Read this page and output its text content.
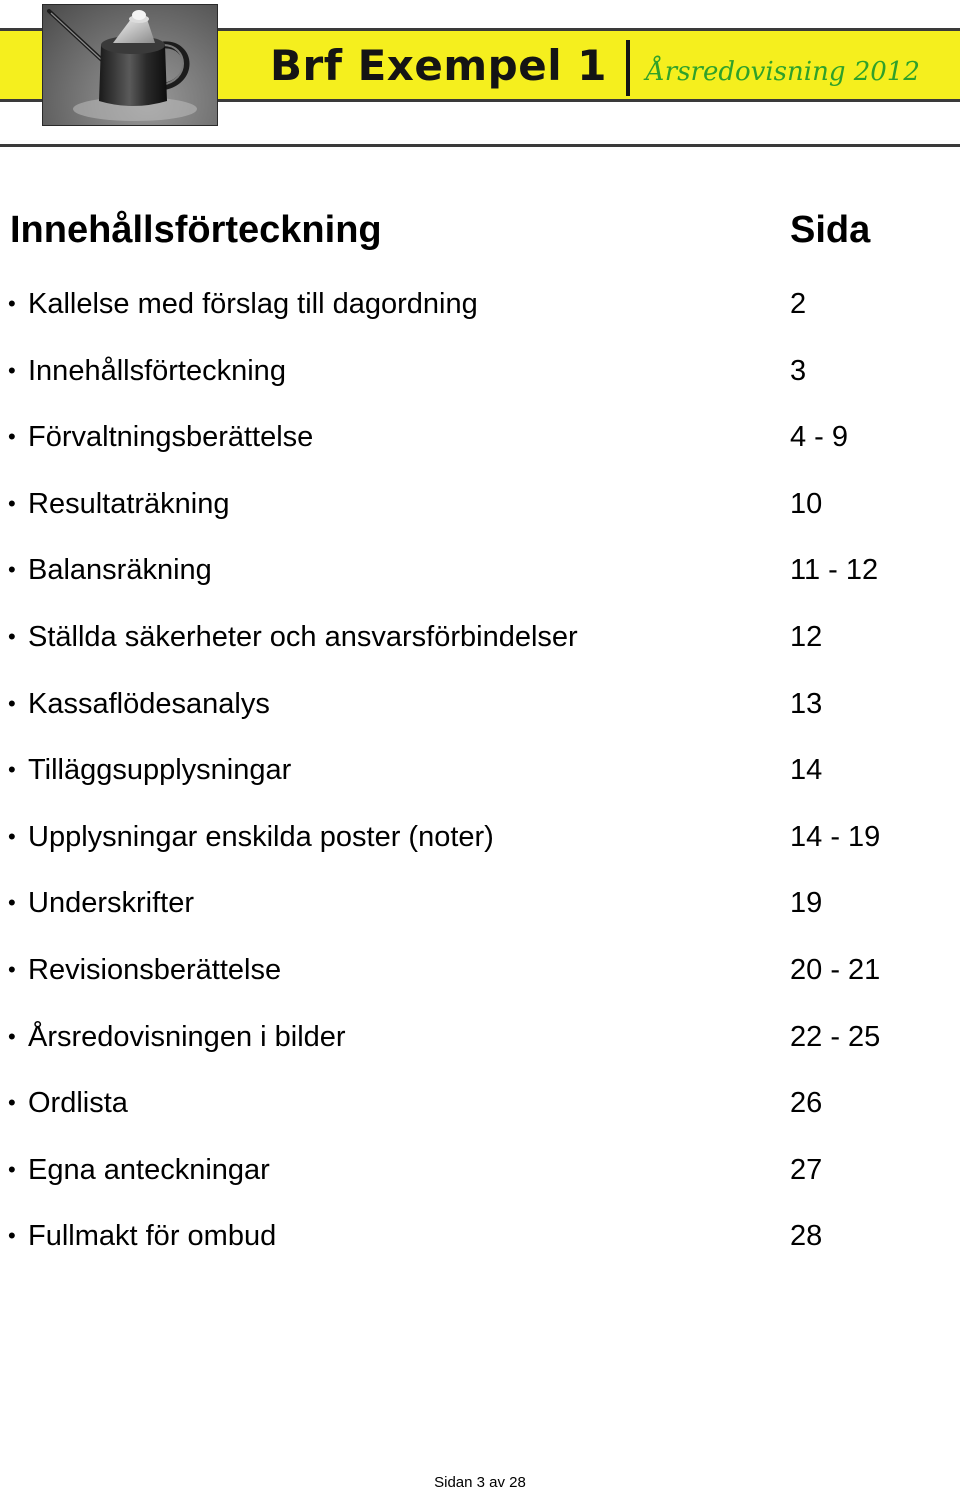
Brf Exempel 1 Årsredovisning 2012
Innehållsförteckning	Sida
• Kallelse med förslag till dagordning	2
• Innehållsförteckning	3
• Förvaltningsberättelse	4 - 9
• Resultaträkning	10
• Balansräkning	11 - 12
• Ställda säkerheter och ansvarsförbindelser	12
• Kassaflödesanalys	13
• Tilläggsupplysningar	14
• Upplysningar enskilda poster (noter)	14 - 19
• Underskrifter	19
• Revisionsberättelse	20 - 21
• Årsredovisningen i bilder	22 - 25
• Ordlista	26
• Egna anteckningar	27
• Fullmakt för ombud	28
Sidan 3 av 28
